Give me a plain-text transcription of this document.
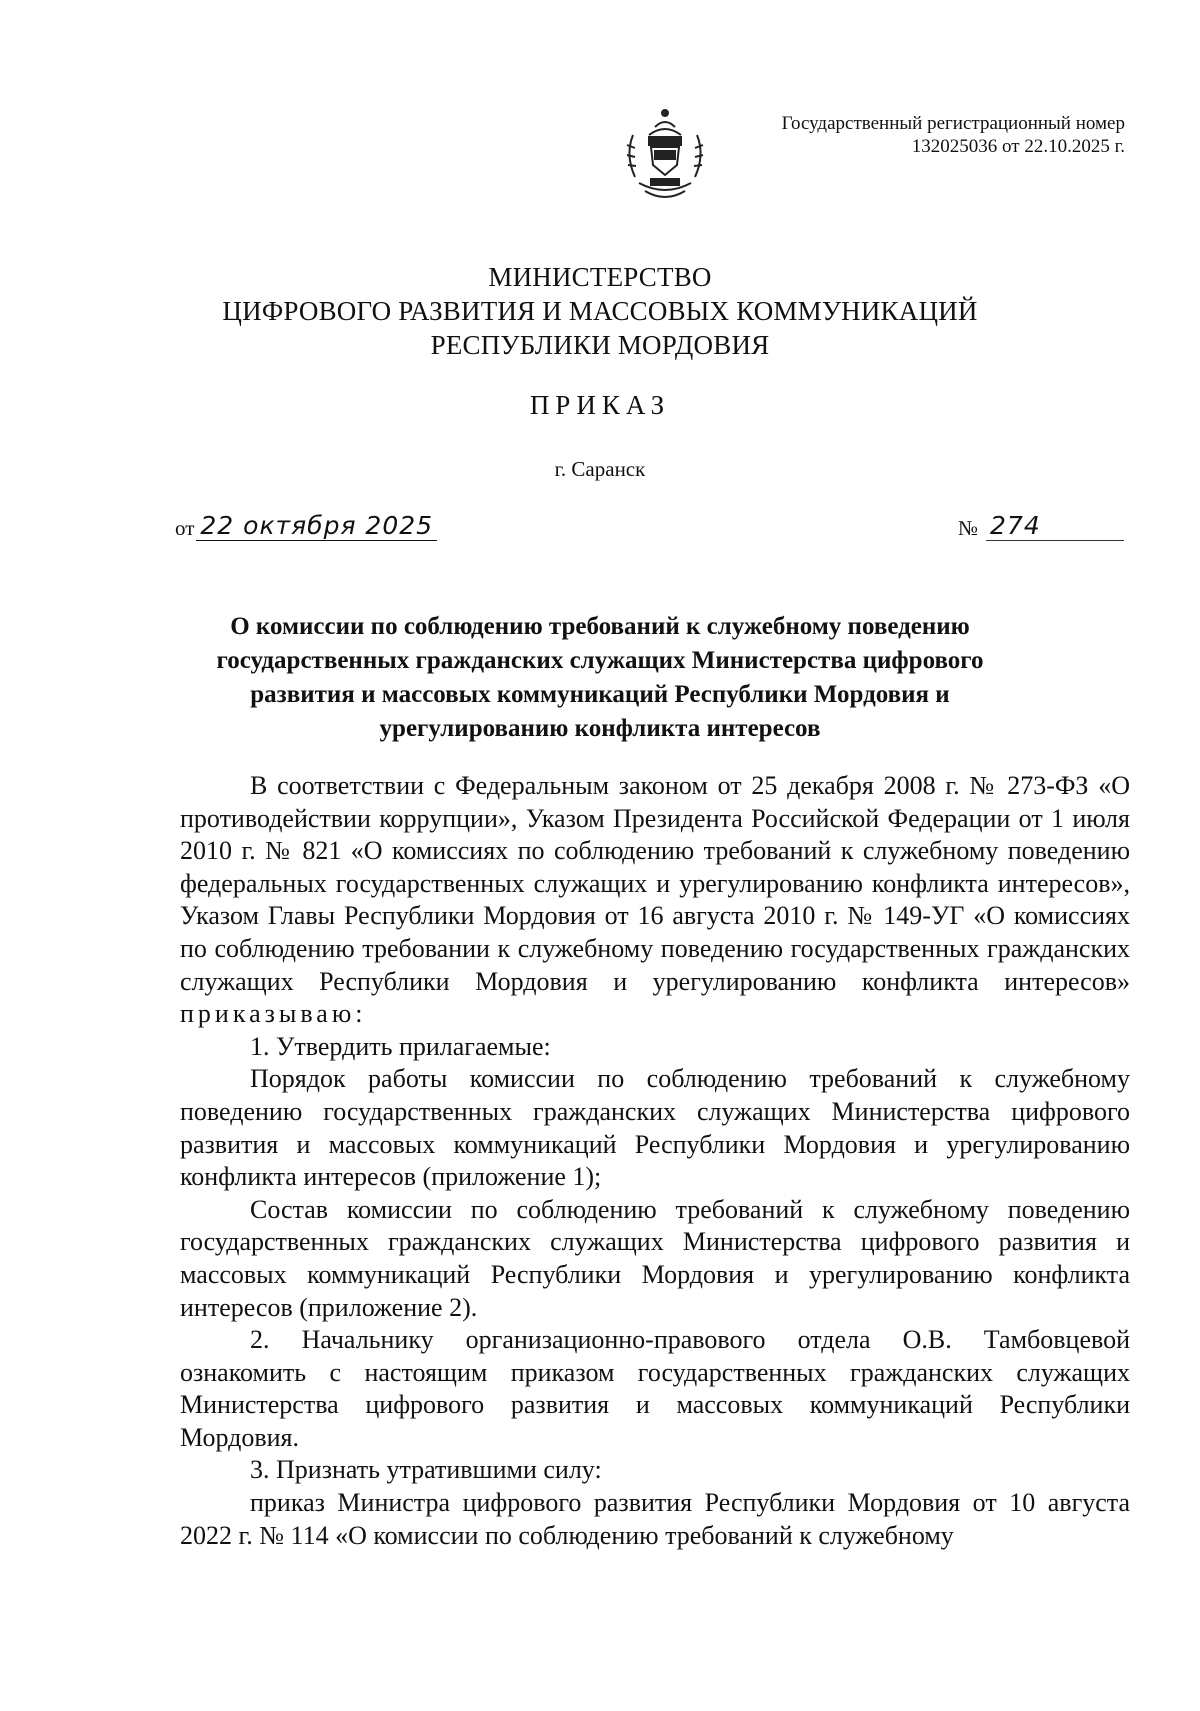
Государственный регистрационный номер
132025036 от 22.10.2025 г.
МИНИСТЕРСТВО
ЦИФРОВОГО РАЗВИТИЯ И МАССОВЫХ КОММУНИКАЦИЙ
РЕСПУБЛИКИ МОРДОВИЯ
ПРИКАЗ
г. Саранск
от 22 октября 2025	№ 274
О комиссии по соблюдению требований к служебному поведению
государственных гражданских служащих Министерства цифрового
развития и массовых коммуникаций Республики Мордовия и
урегулированию конфликта интересов

В соответствии с Федеральным законом от 25 декабря 2008 г. № 273-ФЗ «О противодействии коррупции», Указом Президента Российской Федерации от 1 июля 2010 г. № 821 «О комиссиях по соблюдению требований к служебному поведению федеральных государственных служащих и урегулированию конфликта интересов», Указом Главы Республики Мордовия от 16 августа 2010 г. № 149-УГ «О комиссиях по соблюдению требовании к служебному поведению государственных гражданских служащих Республики Мордовия и урегулированию конфликта интересов» приказываю:

1. Утвердить прилагаемые:

Порядок работы комиссии по соблюдению требований к служебному поведению государственных гражданских служащих Министерства цифрового развития и массовых коммуникаций Республики Мордовия и урегулированию конфликта интересов (приложение 1);

Состав комиссии по соблюдению требований к служебному поведению государственных гражданских служащих Министерства цифрового развития и массовых коммуникаций Республики Мордовия и урегулированию конфликта интересов (приложение 2).

2. Начальнику организационно-правового отдела О.В. Тамбовцевой ознакомить с настоящим приказом государственных гражданских служащих Министерства цифрового развития и массовых коммуникаций Республики Мордовия.

3. Признать утратившими силу:

приказ Министра цифрового развития Республики Мордовия от 10 августа 2022 г. № 114 «О комиссии по соблюдению требований к служебному
